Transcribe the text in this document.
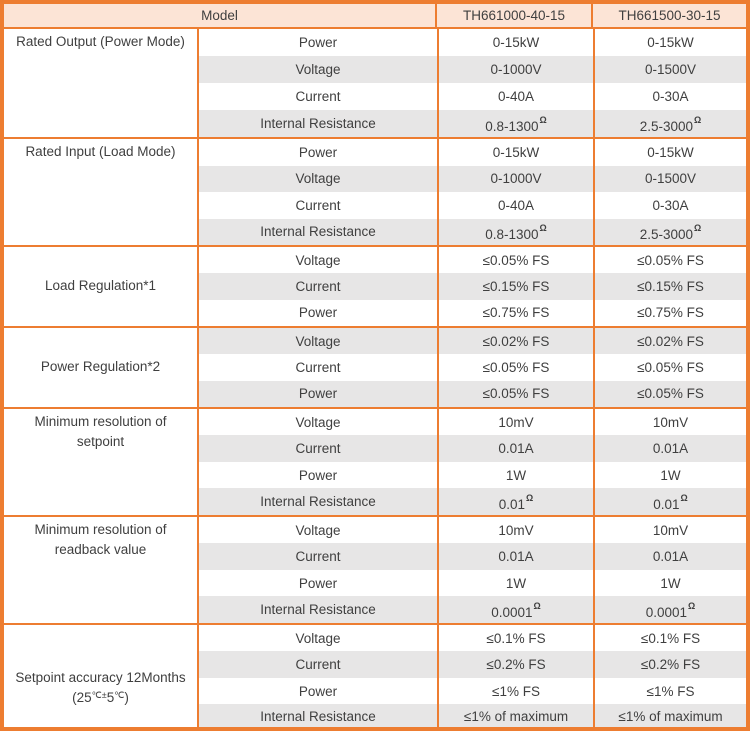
Model	TH661000-40-15	TH661500-30-15
Rated Output (Power Mode)	Power	0-15kW	0-15kW
Voltage	0-1000V	0-1500V
Current	0-40A	0-30A
Internal Resistance	0.8-1300 Ω	2.5-3000 Ω
Rated Input (Load Mode)	Power	0-15kW	0-15kW
Voltage	0-1000V	0-1500V
Current	0-40A	0-30A
Internal Resistance	0.8-1300 Ω	2.5-3000 Ω
Load Regulation*1
Voltage	≤0.05% FS	≤0.05% FS
Current	≤0.15% FS	≤0.15% FS
Power	≤0.75% FS	≤0.75% FS
Power Regulation*2
Voltage	≤0.02% FS	≤0.02% FS
Current	≤0.05% FS	≤0.05% FS
Power	≤0.05% FS	≤0.05% FS
Minimum resolution of setpoint
Voltage	10mV	10mV
Current	0.01A	0.01A
Power	1W	1W
Internal Resistance	0.01 Ω	0.01 Ω
Minimum resolution of readback value
Voltage	10mV	10mV
Current	0.01A	0.01A
Power	1W	1W
Internal Resistance	0.0001 Ω	0.0001 Ω
Setpoint accuracy 12Months
(25℃±5℃)
Voltage	≤0.1% FS	≤0.1% FS
Current	≤0.2% FS	≤0.2% FS
Power	≤1% FS	≤1% FS
Internal Resistance	≤1% of maximum	≤1% of maximum
